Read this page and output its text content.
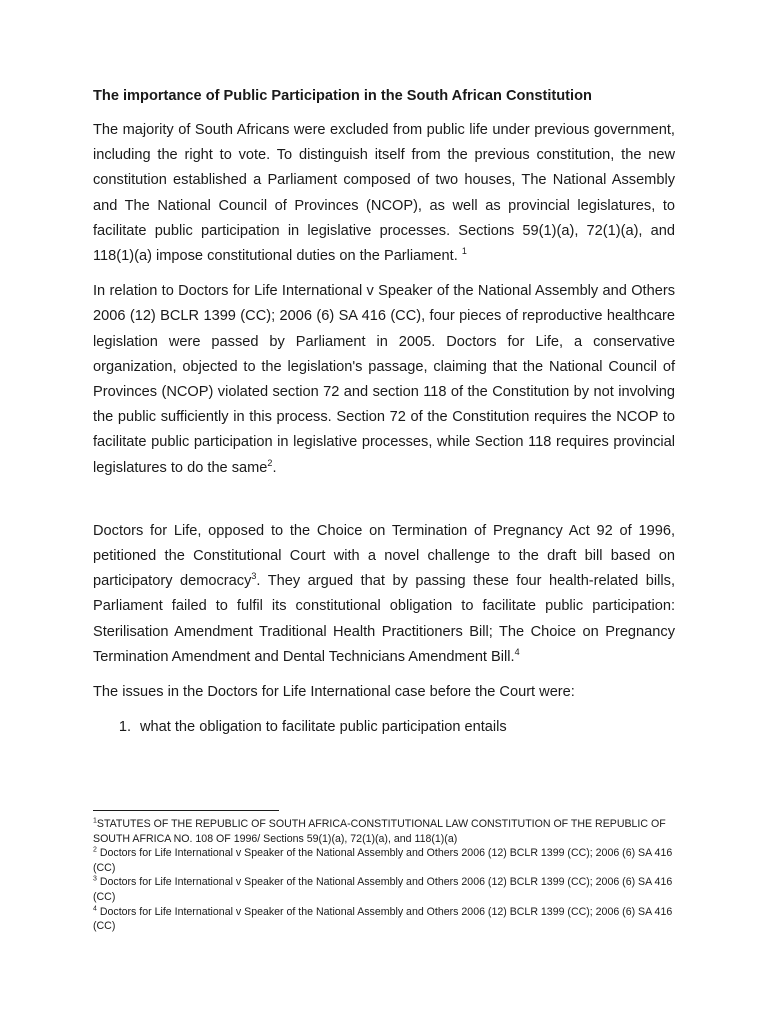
The importance of Public Participation in the South African Constitution

The majority of South Africans were excluded from public life under previous government, including the right to vote. To distinguish itself from the previous constitution, the new constitution established a Parliament composed of two houses, The National Assembly and The National Council of Provinces (NCOP), as well as provincial legislatures, to facilitate public participation in legislative processes. Sections 59(1)(a), 72(1)(a), and 118(1)(a) impose constitutional duties on the Parliament. $^1$

In relation to Doctors for Life International v Speaker of the National Assembly and Others 2006 (12) BCLR 1399 (CC); 2006 (6) SA 416 (CC), four pieces of reproductive healthcare legislation were passed by Parliament in 2005. Doctors for Life, a conservative organization, objected to the legislation's passage, claiming that the National Council of Provinces (NCOP) violated section 72 and section 118 of the Constitution by not involving the public sufficiently in this process. Section 72 of the Constitution requires the NCOP to facilitate public participation in legislative processes, while Section 118 requires provincial legislatures to do the same$^2$.

Doctors for Life, opposed to the Choice on Termination of Pregnancy Act 92 of 1996, petitioned the Constitutional Court with a novel challenge to the draft bill based on participatory democracy$^3$. They argued that by passing these four health-related bills, Parliament failed to fulfil its constitutional obligation to facilitate public participation: Sterilisation Amendment Traditional Health Practitioners Bill; The Choice on Pregnancy Termination Amendment and Dental Technicians Amendment Bill.$^4$

The issues in the Doctors for Life International case before the Court were:

1. what the obligation to facilitate public participation entails

$^1$STATUTES OF THE REPUBLIC OF SOUTH AFRICA-CONSTITUTIONAL LAW CONSTITUTION OF THE REPUBLIC OF SOUTH AFRICA NO. 108 OF 1996/ Sections 59(1)(a), 72(1)(a), and 118(1)(a)

$^2$ Doctors for Life International v Speaker of the National Assembly and Others 2006 (12) BCLR 1399 (CC); 2006 (6) SA 416 (CC)

$^3$ Doctors for Life International v Speaker of the National Assembly and Others 2006 (12) BCLR 1399 (CC); 2006 (6) SA 416 (CC)

$^4$ Doctors for Life International v Speaker of the National Assembly and Others 2006 (12) BCLR 1399 (CC); 2006 (6) SA 416 (CC)
